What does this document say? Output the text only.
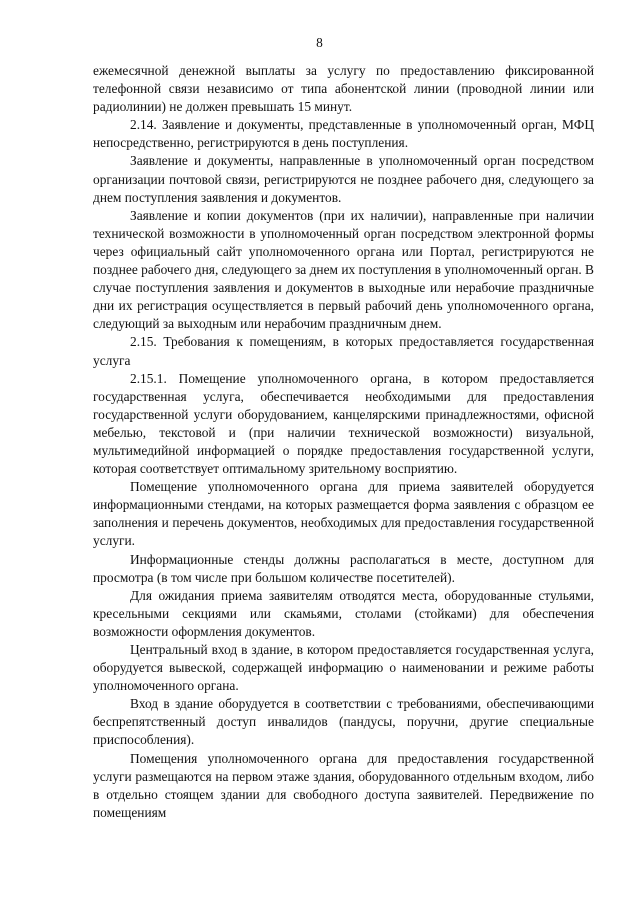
8

ежемесячной денежной выплаты за услугу по предоставлению фиксированной телефонной связи независимо от типа абонентской линии (проводной линии или радиолинии) не должен превышать 15 минут.

2.14. Заявление и документы, представленные в уполномоченный орган, МФЦ непосредственно, регистрируются в день поступления.

Заявление и документы, направленные в уполномоченный орган посредством организации почтовой связи, регистрируются не позднее рабочего дня, следующего за днем поступления заявления и документов.

Заявление и копии документов (при их наличии), направленные при наличии технической возможности в уполномоченный орган посредством электронной формы через официальный сайт уполномоченного органа или Портал, регистрируются не позднее рабочего дня, следующего за днем их поступления в уполномоченный орган. В случае поступления заявления и документов в выходные или нерабочие праздничные дни их регистрация осуществляется в первый рабочий день уполномоченного органа, следующий за выходным или нерабочим праздничным днем.

2.15. Требования к помещениям, в которых предоставляется государственная услуга

2.15.1. Помещение уполномоченного органа, в котором предоставляется государственная услуга, обеспечивается необходимыми для предоставления государственной услуги оборудованием, канцелярскими принадлежностями, офисной мебелью, текстовой и (при наличии технической возможности) визуальной, мультимедийной информацией о порядке предоставления государственной услуги, которая соответствует оптимальному зрительному восприятию.

Помещение уполномоченного органа для приема заявителей оборудуется информационными стендами, на которых размещается форма заявления с образцом ее заполнения и перечень документов, необходимых для предоставления государственной услуги.

Информационные стенды должны располагаться в месте, доступном для просмотра (в том числе при большом количестве посетителей).

Для ожидания приема заявителям отводятся места, оборудованные стульями, кресельными секциями или скамьями, столами (стойками) для обеспечения возможности оформления документов.

Центральный вход в здание, в котором предоставляется государственная услуга, оборудуется вывеской, содержащей информацию о наименовании и режиме работы уполномоченного органа.

Вход в здание оборудуется в соответствии с требованиями, обеспечивающими беспрепятственный доступ инвалидов (пандусы, поручни, другие специальные приспособления).

Помещения уполномоченного органа для предоставления государственной услуги размещаются на первом этаже здания, оборудованного отдельным входом, либо в отдельно стоящем здании для свободного доступа заявителей. Передвижение по помещениям
